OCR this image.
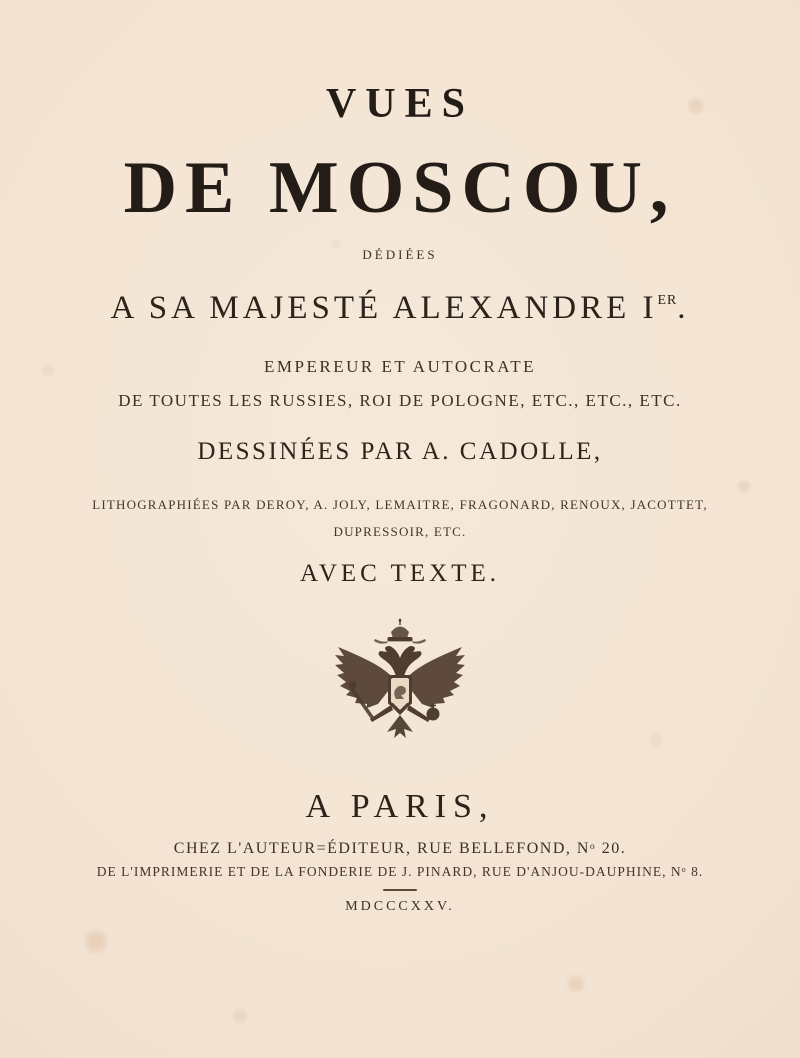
VUES
DE MOSCOU,
DÉDIÉES
A SA MAJESTÉ ALEXANDRE IER.
EMPEREUR ET AUTOCRATE
DE TOUTES LES RUSSIES, ROI DE POLOGNE, ETC., ETC., ETC.
DESSINÉES PAR A. CADOLLE,
LITHOGRAPHIÉES PAR DEROY, A. JOLY, LEMAITRE, FRAGONARD, RENOUX, JACOTTET,
DUPRESSOIR, ETC.
AVEC TEXTE.
A PARIS,
CHEZ L'AUTEUR=ÉDITEUR, RUE BELLEFOND, $N^o$ 20.
DE L'IMPRIMERIE ET DE LA FONDERIE DE J. PINARD, RUE D'ANJOU-DAUPHINE, $N^o$ 8.
MDCCCXXV.
